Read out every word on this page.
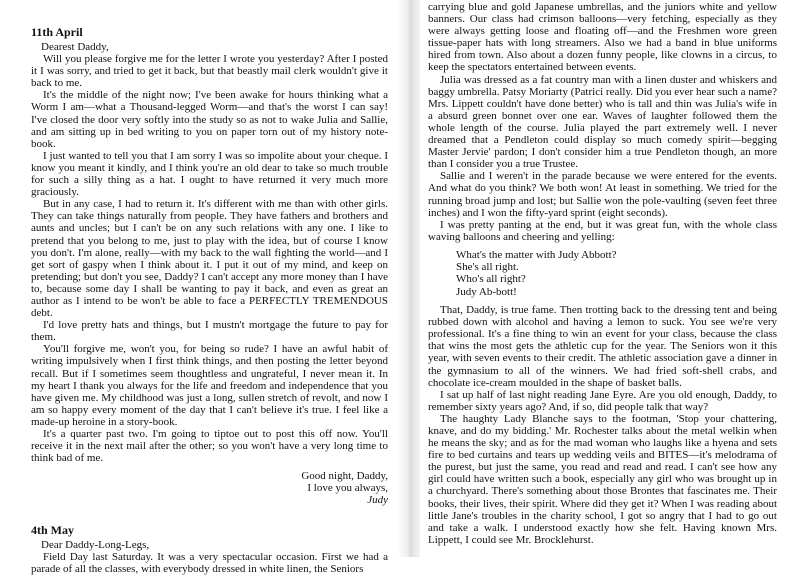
11th April
Dearest Daddy,

Will you please forgive me for the letter I wrote you yesterday? After I posted it I was sorry, and tried to get it back, but that beastly mail clerk wouldn't give it back to me.

It's the middle of the night now; I've been awake for hours thinking what a Worm I am—what a Thousand-legged Worm—and that's the worst I can say! I've closed the door very softly into the study so as not to wake Julia and Sallie, and am sitting up in bed writing to you on paper torn out of my history note-book.

I just wanted to tell you that I am sorry I was so impolite about your cheque. I know you meant it kindly, and I think you're an old dear to take so much trouble for such a silly thing as a hat. I ought to have returned it very much more graciously.

But in any case, I had to return it. It's different with me than with other girls. They can take things naturally from people. They have fathers and brothers and aunts and uncles; but I can't be on any such relations with any one. I like to pretend that you belong to me, just to play with the idea, but of course I know you don't. I'm alone, really—with my back to the wall fighting the world—and I get sort of gaspy when I think about it. I put it out of my mind, and keep on pretending; but don't you see, Daddy? I can't accept any more money than I have to, because some day I shall be wanting to pay it back, and even as great an author as I intend to be won't be able to face a PERFECTLY TREMENDOUS debt.

I'd love pretty hats and things, but I mustn't mortgage the future to pay for them.

You'll forgive me, won't you, for being so rude? I have an awful habit of writing impulsively when I first think things, and then posting the letter beyond recall. But if I sometimes seem thoughtless and ungrateful, I never mean it. In my heart I thank you always for the life and freedom and independence that you have given me. My childhood was just a long, sullen stretch of revolt, and now I am so happy every moment of the day that I can't believe it's true. I feel like a made-up heroine in a story-book.

It's a quarter past two. I'm going to tiptoe out to post this off now. You'll receive it in the next mail after the other; so you won't have a very long time to think bad of me.

Good night, Daddy,
I love you always,
Judy
4th May
Dear Daddy-Long-Legs,

Field Day last Saturday. It was a very spectacular occasion. First we had a parade of all the classes, with everybody dressed in white linen, the Seniors

carrying blue and gold Japanese umbrellas, and the juniors white and yellow banners. Our class had crimson balloons—very fetching, especially as they were always getting loose and floating off—and the Freshmen wore green tissue-paper hats with long streamers. Also we had a band in blue uniforms hired from town. Also about a dozen funny people, like clowns in a circus, to keep the spectators entertained between events.

Julia was dressed as a fat country man with a linen duster and whiskers and baggy umbrella. Patsy Moriarty (Patrici really. Did you ever hear such a name? Mrs. Lippett couldn't have done better) who is tall and thin was Julia's wife in a absurd green bonnet over one ear. Waves of laughter followed them the whole length of the course. Julia played the part extremely well. I never dreamed that a Pendleton could display so much comedy spirit—begging Master Jervie' pardon; I don't consider him a true Pendleton though, an more than I consider you a true Trustee.

Sallie and I weren't in the parade because we were entered for the events. And what do you think? We both won! At least in something. We tried for the running broad jump and lost; but Sallie won the pole-vaulting (seven feet three inches) and I won the fifty-yard sprint (eight seconds).

I was pretty panting at the end, but it was great fun, with the whole class waving balloons and cheering and yelling:

What's the matter with Judy Abbott?
She's all right.
Who's all right?
Judy Ab-bott!

That, Daddy, is true fame. Then trotting back to the dressing tent and being rubbed down with alcohol and having a lemon to suck. You see we're very professional. It's a fine thing to win an event for your class, because the class that wins the most gets the athletic cup for the year. The Seniors won it this year, with seven events to their credit. The athletic association gave a dinner in the gymnasium to all of the winners. We had fried soft-shell crabs, and chocolate ice-cream moulded in the shape of basket balls.

I sat up half of last night reading Jane Eyre. Are you old enough, Daddy, to remember sixty years ago? And, if so, did people talk that way?

The haughty Lady Blanche says to the footman, 'Stop your chattering, knave, and do my bidding.' Mr. Rochester talks about the metal welkin when he means the sky; and as for the mad woman who laughs like a hyena and sets fire to bed curtains and tears up wedding veils and BITES—it's melodrama of the purest, but just the same, you read and read and read. I can't see how any girl could have written such a book, especially any girl who was brought up in a churchyard. There's something about those Brontes that fascinates me. Their books, their lives, their spirit. Where did they get it? When I was reading about little Jane's troubles in the charity school, I got so angry that I had to go out and take a walk. I understood exactly how she felt. Having known Mrs. Lippett, I could see Mr. Brocklehurst.
